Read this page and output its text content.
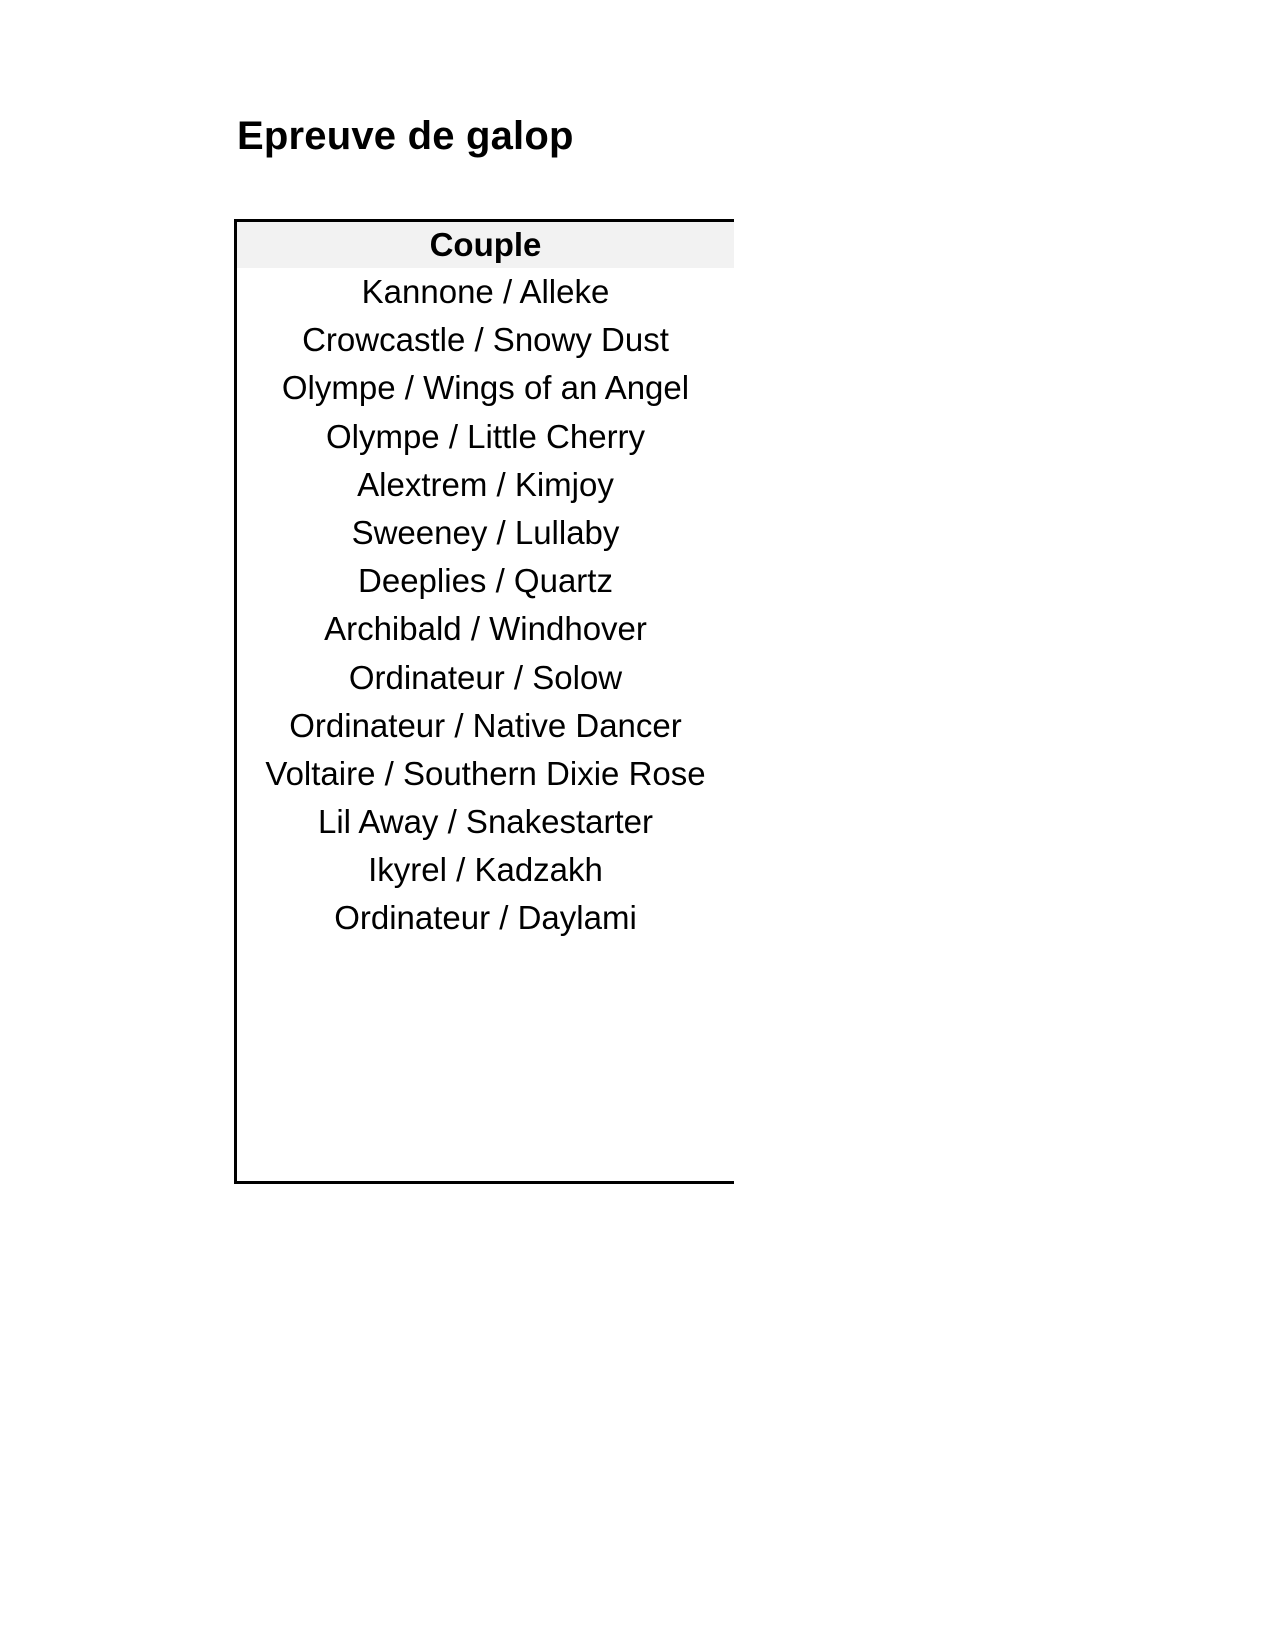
Epreuve de galop
Couple
Kannone / Alleke
Crowcastle / Snowy Dust
Olympe / Wings of an Angel
Olympe / Little Cherry
Alextrem / Kimjoy
Sweeney / Lullaby
Deeplies / Quartz
Archibald / Windhover
Ordinateur / Solow
Ordinateur / Native Dancer
Voltaire / Southern Dixie Rose
Lil Away / Snakestarter
Ikyrel / Kadzakh
Ordinateur / Daylami
